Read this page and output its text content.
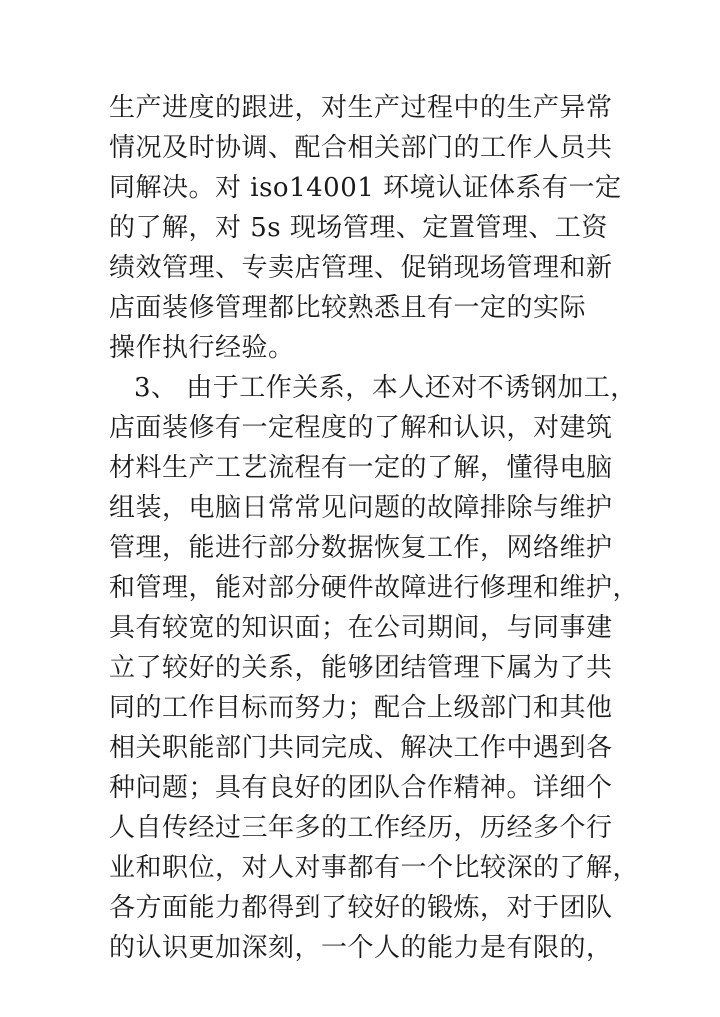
生产进度的跟进，对生产过程中的生产异常
情况及时协调、配合相关部门的工作人员共
同解决。对 iso14001 环境认证体系有一定
的了解，对 5s 现场管理、定置管理、工资
绩效管理、专卖店管理、促销现场管理和新
店面装修管理都比较熟悉且有一定的实际
操作执行经验。
3、 由于工作关系，本人还对不诱钢加工，
店面装修有一定程度的了解和认识，对建筑
材料生产工艺流程有一定的了解，懂得电脑
组装，电脑日常常见问题的故障排除与维护
管理，能进行部分数据恢复工作，网络维护
和管理，能对部分硬件故障进行修理和维护，
具有较宽的知识面；在公司期间，与同事建
立了较好的关系，能够团结管理下属为了共
同的工作目标而努力；配合上级部门和其他
相关职能部门共同完成、解决工作中遇到各
种问题；具有良好的团队合作精神。详细个
人自传经过三年多的工作经历，历经多个行
业和职位，对人对事都有一个比较深的了解，
各方面能力都得到了较好的锻炼，对于团队
的认识更加深刻，一个人的能力是有限的，
